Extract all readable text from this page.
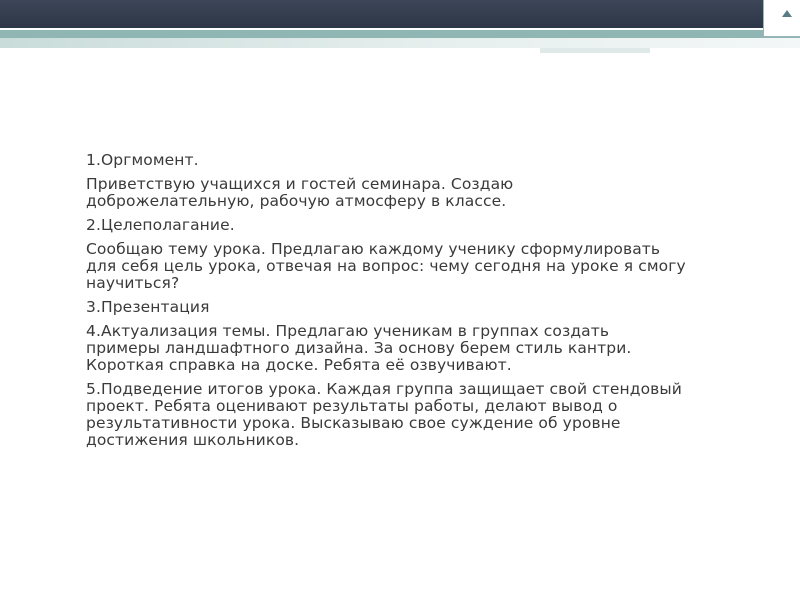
1.Оргмомент.

Приветствую учащихся и гостей семинара. Создаю доброжелательную, рабочую атмосферу в классе.

2.Целеполагание.

Сообщаю тему урока. Предлагаю каждому ученику сформулировать для себя цель урока, отвечая на вопрос: чему сегодня на уроке я смогу научиться?

3.Презентация

4.Актуализация темы. Предлагаю ученикам в группах создать примеры ландшафтного дизайна. За основу берем стиль кантри. Короткая справка на доске. Ребята её озвучивают.

5.Подведение итогов урока. Каждая группа защищает свой стендовый проект. Ребята оценивают результаты работы, делают вывод о результативности урока. Высказываю свое суждение об уровне достижения школьников.
